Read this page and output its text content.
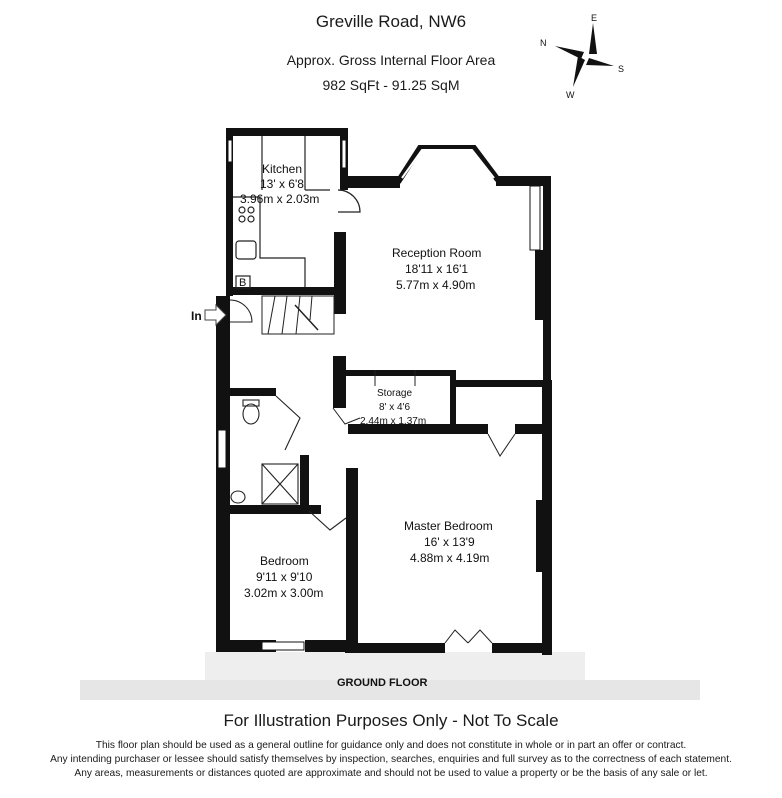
Greville Road, NW6
Approx. Gross Internal Floor Area
982 SqFt - 91.25 SqM
N
E
S
W
B
In
Kitchen
13' x 6'8
3.96m x 2.03m
Reception Room
18'11 x 16'1
5.77m x 4.90m
Storage
8' x 4'6
2.44m x 1.37m
Master Bedroom
16' x 13'9
4.88m x 4.19m
Bedroom
9'11 x 9'10
3.02m x 3.00m
GROUND FLOOR
For Illustration Purposes Only - Not To Scale
This floor plan should be used as a general outline for guidance only and does not constitute in whole or in part an offer or contract.
Any intending purchaser or lessee should satisfy themselves by inspection, searches, enquiries and full survey as to the correctness of each statement.
Any areas, measurements or distances quoted are approximate and should not be used to value a property or be the basis of any sale or let.
